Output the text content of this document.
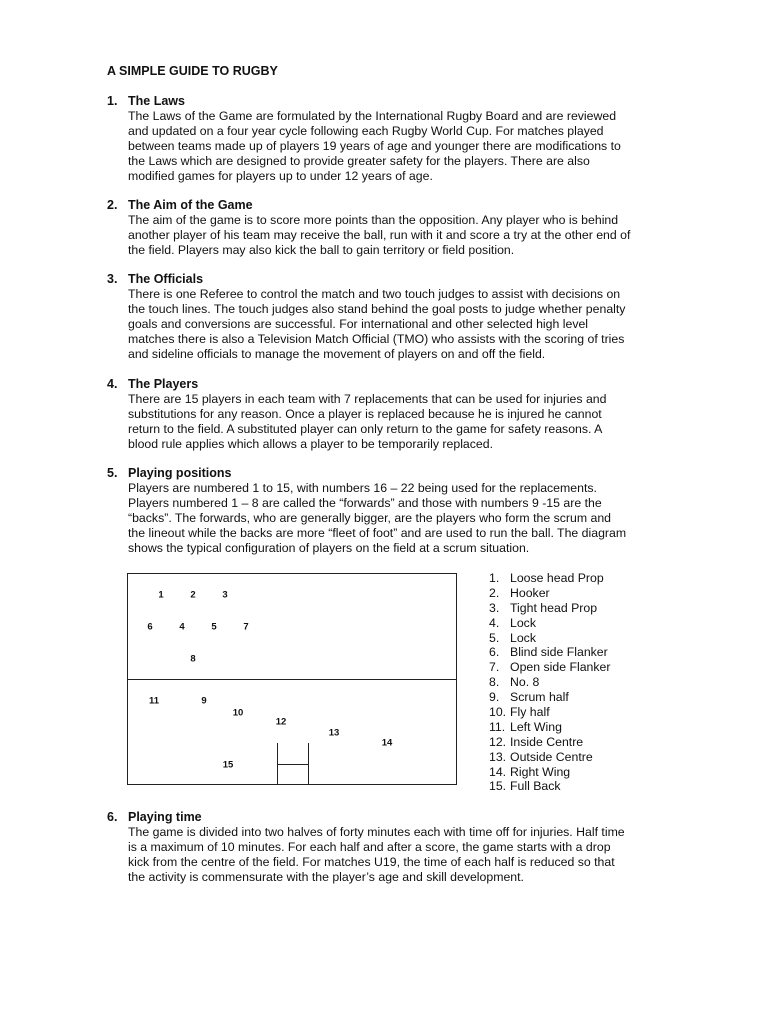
A SIMPLE GUIDE TO RUGBY
1. The Laws
The Laws of the Game are formulated by the International Rugby Board and are reviewed
and updated on a four year cycle following each Rugby World Cup. For matches played
between teams made up of players 19 years of age and younger there are modifications to
the Laws which are designed to provide greater safety for the players. There are also
modified games for players up to under 12 years of age.
2. The Aim of the Game
The aim of the game is to score more points than the opposition. Any player who is behind
another player of his team may receive the ball, run with it and score a try at the other end of
the field. Players may also kick the ball to gain territory or field position.
3. The Officials
There is one Referee to control the match and two touch judges to assist with decisions on
the touch lines. The touch judges also stand behind the goal posts to judge whether penalty
goals and conversions are successful. For international and other selected high level
matches there is also a Television Match Official (TMO) who assists with the scoring of tries
and sideline officials to manage the movement of players on and off the field.
4. The Players
There are 15 players in each team with 7 replacements that can be used for injuries and
substitutions for any reason. Once a player is replaced because he is injured he cannot
return to the field. A substituted player can only return to the game for safety reasons. A
blood rule applies which allows a player to be temporarily replaced.
5. Playing positions
Players are numbered 1 to 15, with numbers 16 – 22 being used for the replacements.
Players numbered 1 – 8 are called the “forwards” and those with numbers 9 -15 are the
“backs”. The forwards, who are generally bigger, are the players who form the scrum and
the lineout while the backs are more “fleet of foot” and are used to run the ball. The diagram
shows the typical configuration of players on the field at a scrum situation.
1	2	3
6	4	5	7
8
11	9
10
12
13
14
15
1. Loose head Prop
2. Hooker
3. Tight head Prop
4. Lock
5. Lock
6. Blind side Flanker
7. Open side Flanker
8. No. 8
9. Scrum half
10. Fly half
11. Left Wing
12. Inside Centre
13. Outside Centre
14. Right Wing
15. Full Back
6. Playing time
The game is divided into two halves of forty minutes each with time off for injuries. Half time
is a maximum of 10 minutes. For each half and after a score, the game starts with a drop
kick from the centre of the field. For matches U19, the time of each half is reduced so that
the activity is commensurate with the player’s age and skill development.
